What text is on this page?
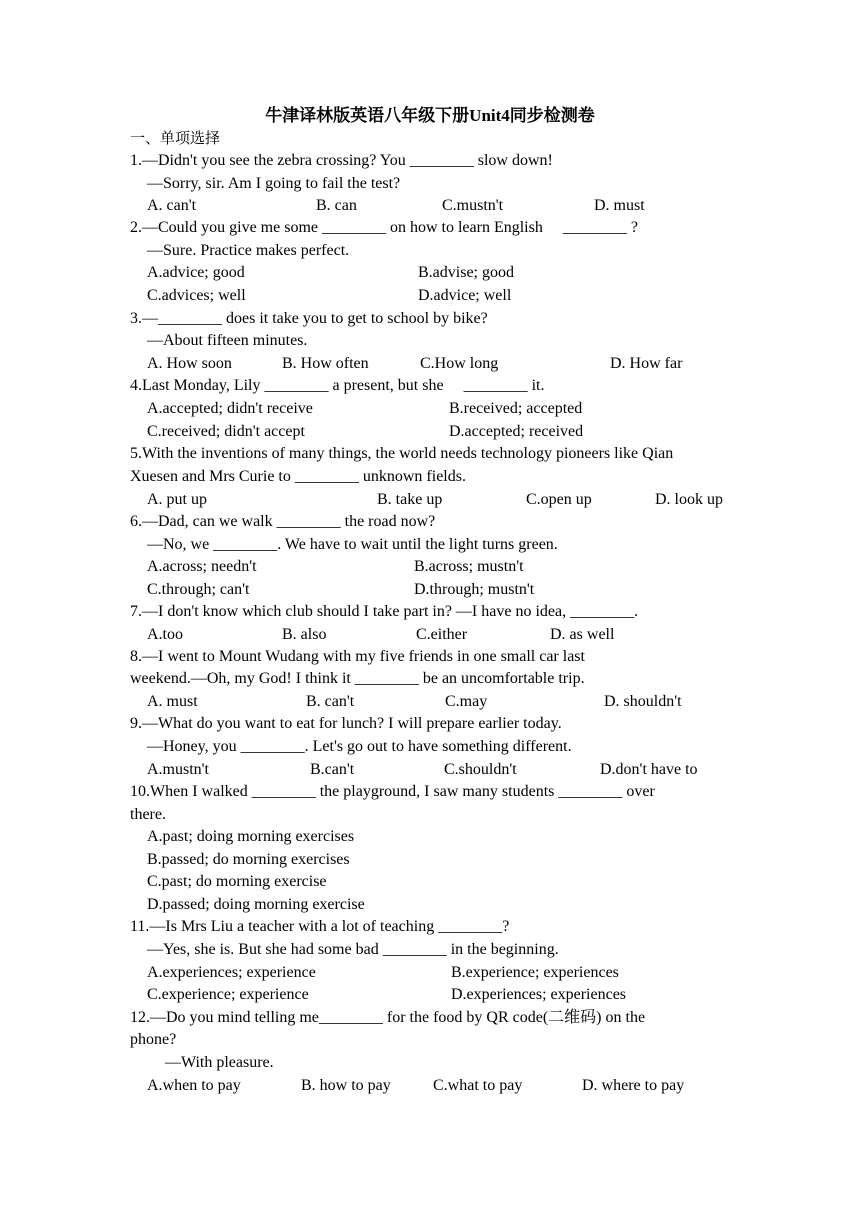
牛津译林版英语八年级下册Unit4同步检测卷
一、单项选择
1.—Didn't you see the zebra crossing? You ________ slow down!
—Sorry, sir. Am I going to fail the test?
A. can't	B. can	C.mustn't	D. must
2.—Could you give me some ________ on how to learn English     ________ ?
—Sure. Practice makes perfect.
A.advice; good	B.advise; good
C.advices; well	D.advice; well
3.—________ does it take you to get to school by bike?
—About fifteen minutes.
A. How soon	B. How often	C.How long	D. How far
4.Last Monday, Lily ________ a present, but she     ________ it.
A.accepted; didn't receive	B.received; accepted
C.received; didn't accept	D.accepted; received
5.With the inventions of many things, the world needs technology pioneers like Qian
Xuesen and Mrs Curie to ________ unknown fields.
A. put up	B. take up	C.open up	D. look up
6.—Dad, can we walk ________ the road now?
—No, we ________. We have to wait until the light turns green.
A.across; needn't	B.across; mustn't
C.through; can't	D.through; mustn't
7.—I don't know which club should I take part in? —I have no idea, ________.
A.too	B. also	C.either	D. as well
8.—I went to Mount Wudang with my five friends in one small car last
weekend.—Oh, my God! I think it ________ be an uncomfortable trip.
A. must	B. can't	C.may	D. shouldn't
9.—What do you want to eat for lunch? I will prepare earlier today.
—Honey, you ________. Let's go out to have something different.
A.mustn't	B.can't	C.shouldn't	D.don't have to
10.When I walked ________ the playground, I saw many students ________ over
there.
A.past; doing morning exercises
B.passed; do morning exercises
C.past; do morning exercise
D.passed; doing morning exercise
11.—Is Mrs Liu a teacher with a lot of teaching ________?
—Yes, she is. But she had some bad ________ in the beginning.
A.experiences; experience	B.experience; experiences
C.experience; experience	D.experiences; experiences
12.—Do you mind telling me________ for the food by QR code(二维码) on the
phone?
—With pleasure.
A.when to pay	B. how to pay	C.what to pay	D. where to pay
